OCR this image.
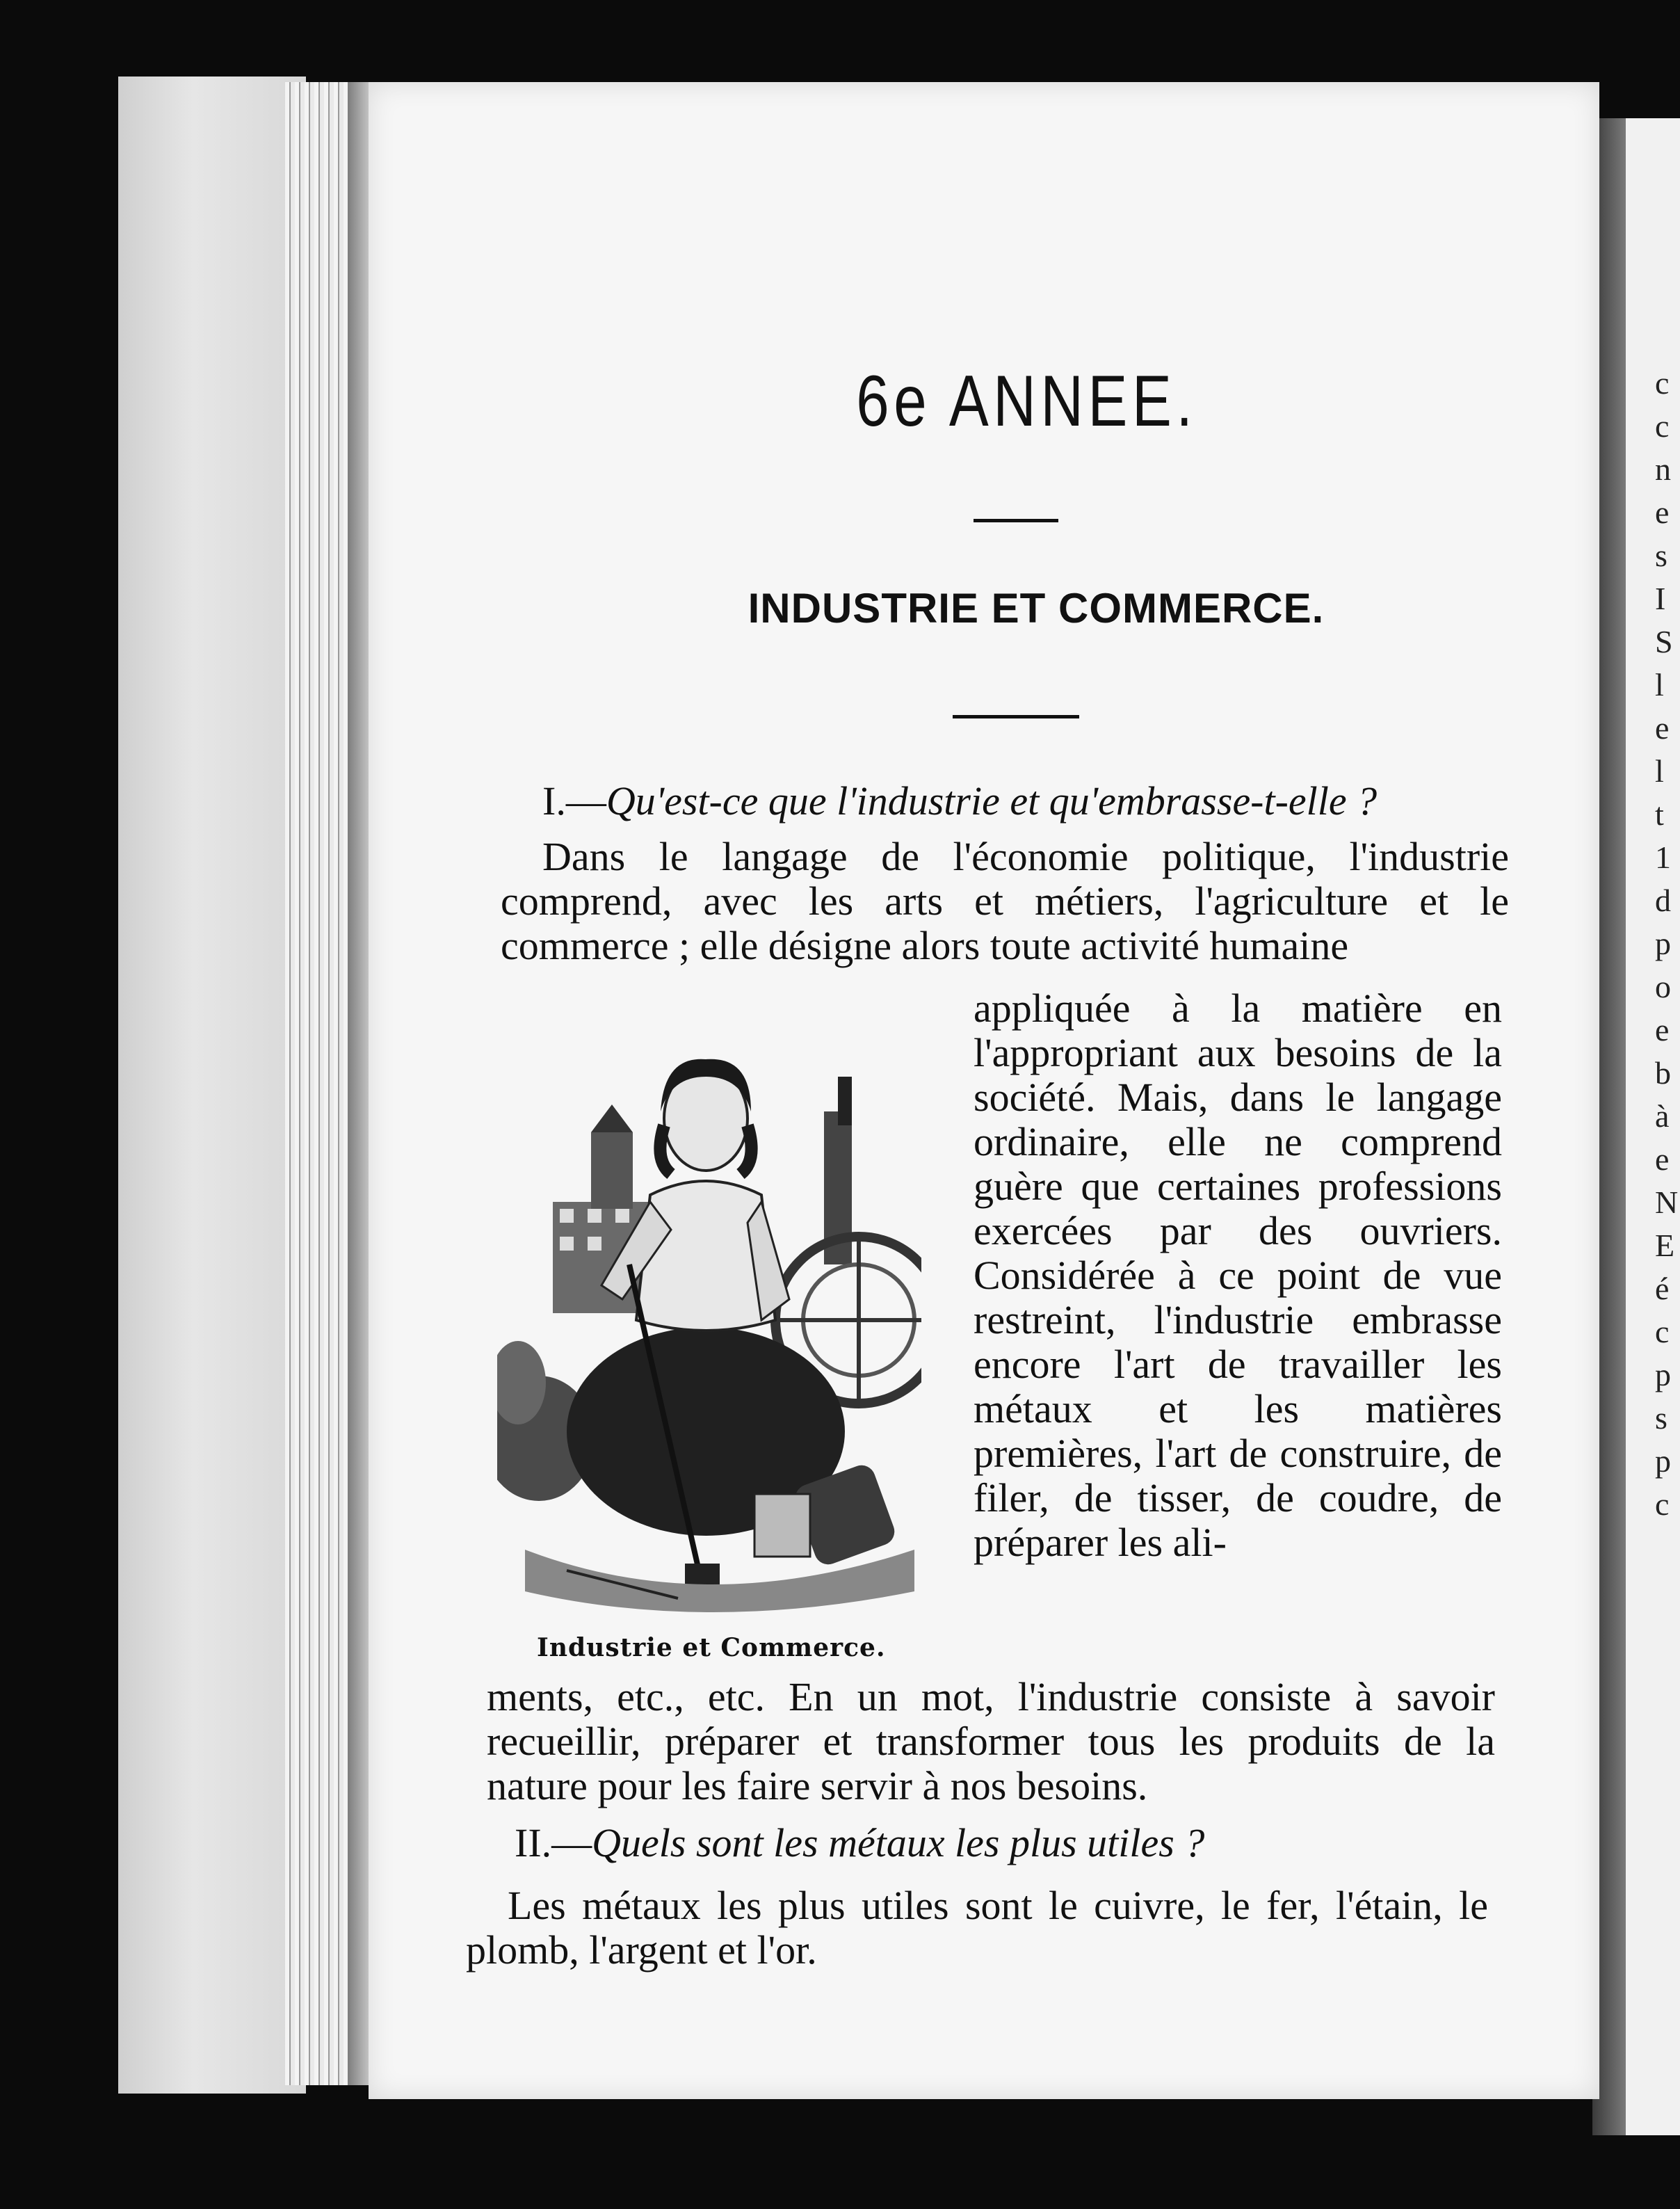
c
c
n
e
s
I
S
l
e
l
t
1
d
p
o
e
b
à
e
N
E
é
c
p
s
p
c
6e ANNEE.
INDUSTRIE ET COMMERCE.
I.—Qu'est-ce que l'industrie et qu'embrasse-t-elle ?
Dans le langage de l'économie politique, l'industrie comprend, avec les arts et métiers, l'agriculture et le commerce ; elle désigne alors toute activité humaine
Industrie et Commerce.
appliquée à la matière en l'appropriant aux besoins de la société. Mais, dans le langage ordinaire, elle ne comprend guère que certaines professions exercées par des ouvriers. Considérée à ce point de vue restreint, l'industrie embrasse encore l'art de travailler les métaux et les matières premières, l'art de construire, de filer, de tisser, de coudre, de préparer les ali-
ments, etc., etc. En un mot, l'industrie consiste à savoir recueillir, préparer et transformer tous les produits de la nature pour les faire servir à nos besoins.
II.—Quels sont les métaux les plus utiles ?
Les métaux les plus utiles sont le cuivre, le fer, l'étain, le plomb, l'argent et l'or.
